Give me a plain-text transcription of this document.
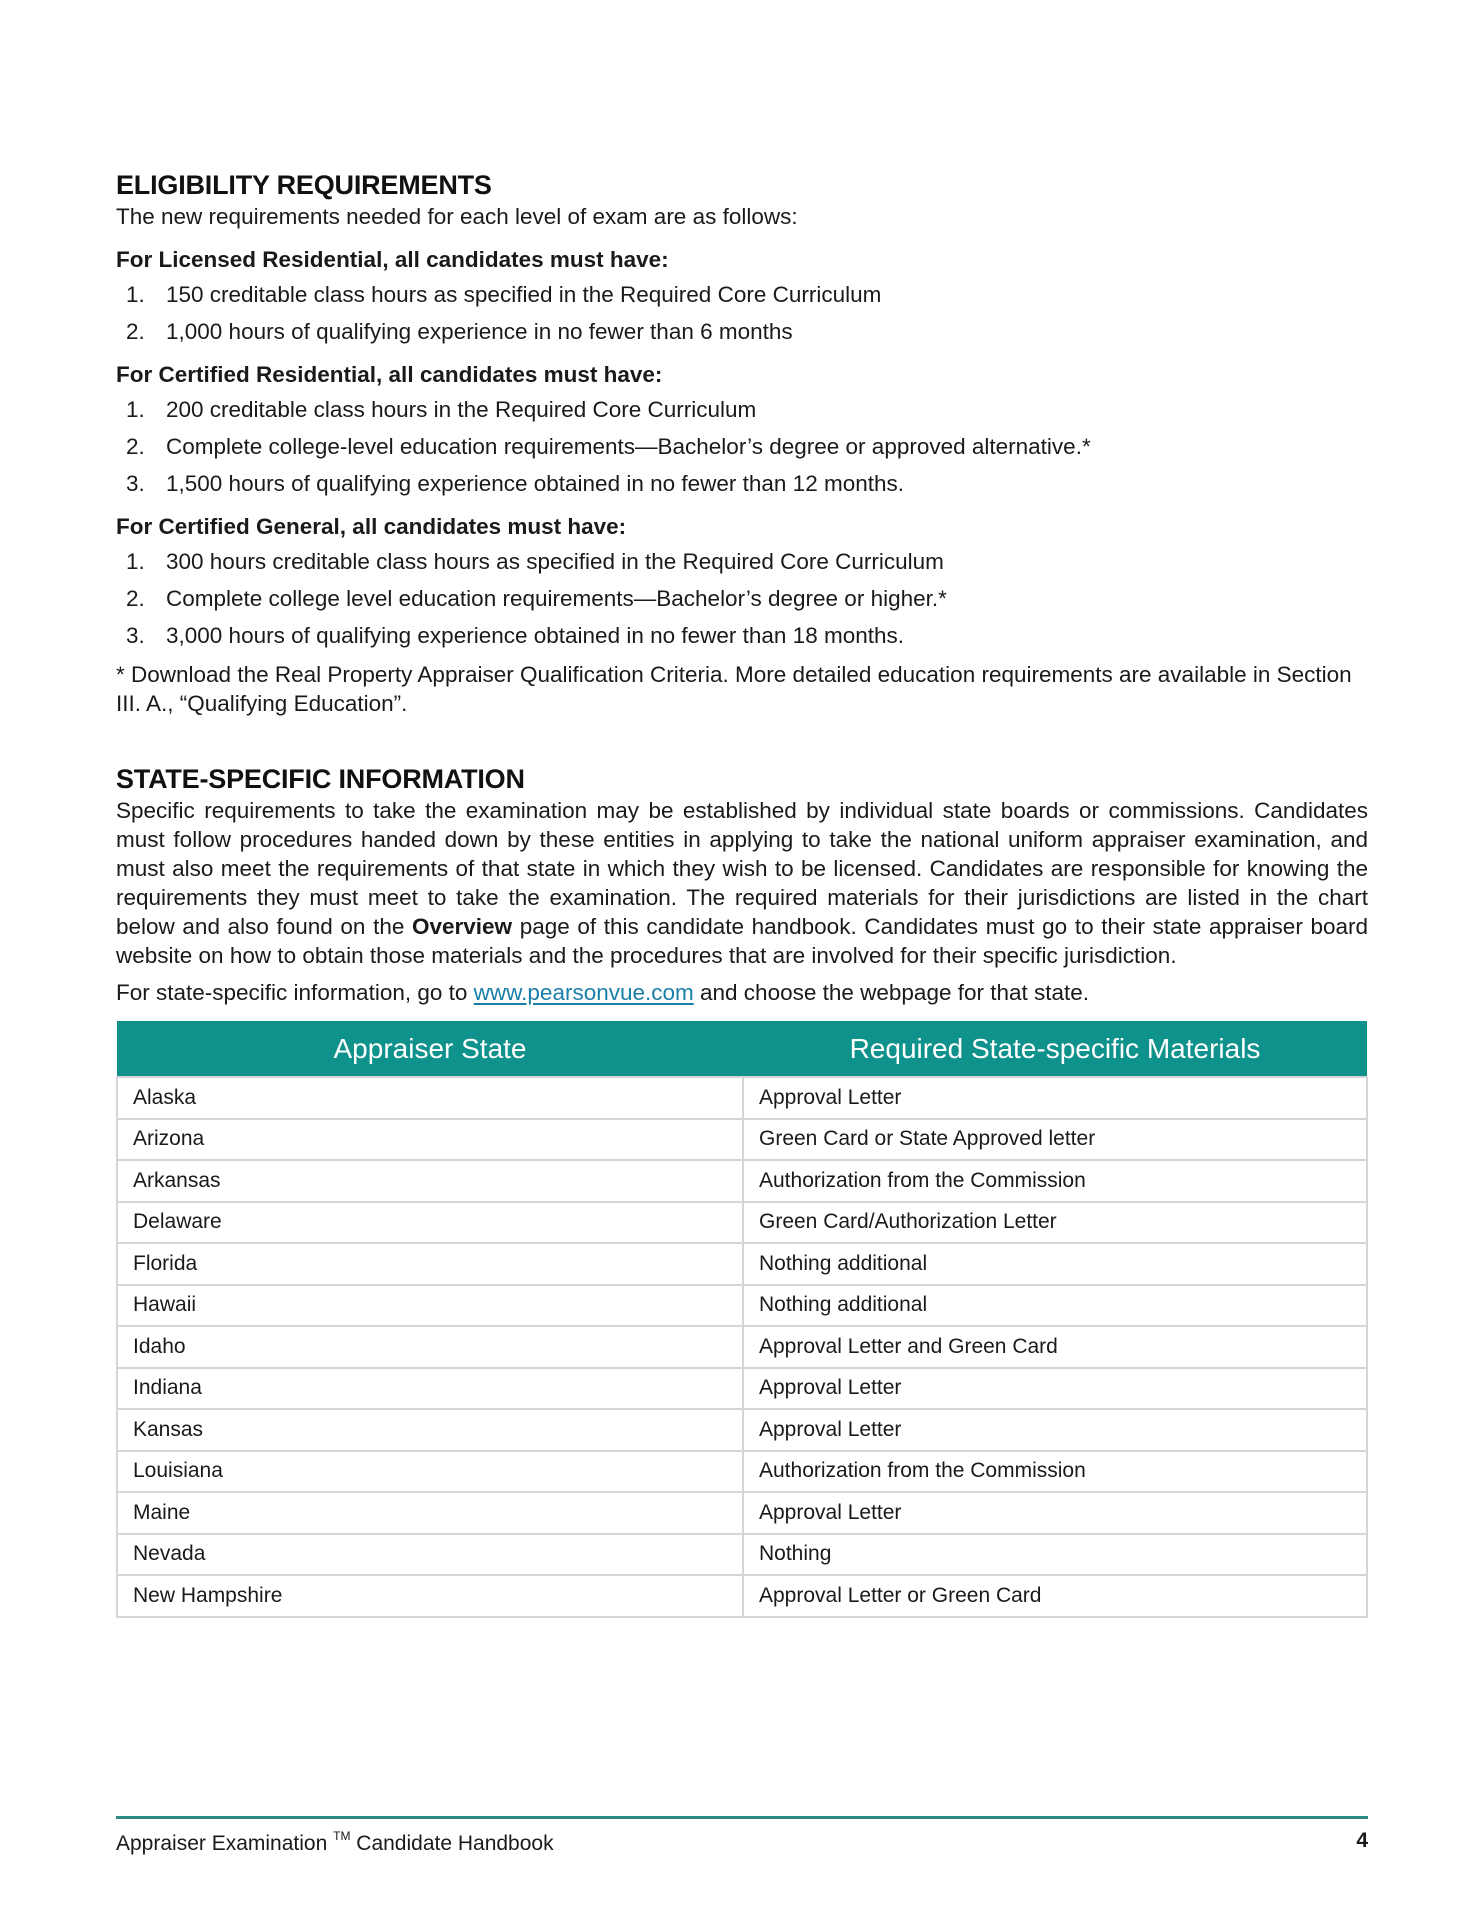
ELIGIBILITY REQUIREMENTS

The new requirements needed for each level of exam are as follows:

For Licensed Residential, all candidates must have:
1. 150 creditable class hours as specified in the Required Core Curriculum
2. 1,000 hours of qualifying experience in no fewer than 6 months
For Certified Residential, all candidates must have:
1. 200 creditable class hours in the Required Core Curriculum
2. Complete college-level education requirements—Bachelor’s degree or approved alternative.*
3. 1,500 hours of qualifying experience obtained in no fewer than 12 months.
For Certified General, all candidates must have:
1. 300 hours creditable class hours as specified in the Required Core Curriculum
2. Complete college level education requirements—Bachelor’s degree or higher.*
3. 3,000 hours of qualifying experience obtained in no fewer than 18 months.
* Download the Real Property Appraiser Qualification Criteria. More detailed education requirements are available in Section III. A., “Qualifying Education”.
STATE-SPECIFIC INFORMATION

Specific requirements to take the examination may be established by individual state boards or commissions. Candidates must follow procedures handed down by these entities in applying to take the national uniform appraiser examination, and must also meet the requirements of that state in which they wish to be licensed. Candidates are responsible for knowing the requirements they must meet to take the examination. The required materials for their jurisdictions are listed in the chart below and also found on the Overview page of this candidate handbook. Candidates must go to their state appraiser board website on how to obtain those materials and the procedures that are involved for their specific jurisdiction.

For state-specific information, go to www.pearsonvue.com and choose the webpage for that state.

Appraiser State	Required State-specific Materials
Alaska	Approval Letter
Arizona	Green Card or State Approved letter
Arkansas	Authorization from the Commission
Delaware	Green Card/Authorization Letter
Florida	Nothing additional
Hawaii	Nothing additional
Idaho	Approval Letter and Green Card
Indiana	Approval Letter
Kansas	Approval Letter
Louisiana	Authorization from the Commission
Maine	Approval Letter
Nevada	Nothing
New Hampshire	Approval Letter or Green Card
Appraiser Examination ™ Candidate Handbook	4
